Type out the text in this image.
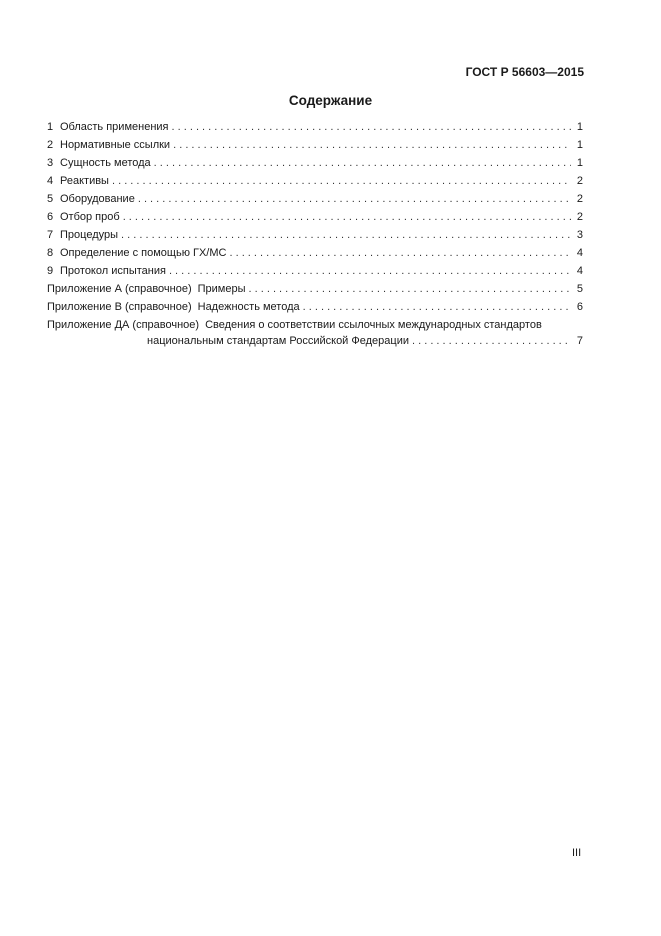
ГОСТ Р 56603—2015
Содержание
1 Область применения . . .	1
2 Нормативные ссылки . . .	1
3 Сущность метода . . .	1
4 Реактивы . . .	2
5 Оборудование . . .	2
6 Отбор проб . . .	2
7 Процедуры . . .	3
8 Определение с помощью ГХ/МС . . .	4
9 Протокол испытания . . .	4
Приложение А (справочное) Примеры . . .	5
Приложение В (справочное) Надежность метода . . .	6
Приложение ДА (справочное) Сведения о соответствии ссылочных международных стандартов
национальным стандартам Российской Федерации . . .	7
III
